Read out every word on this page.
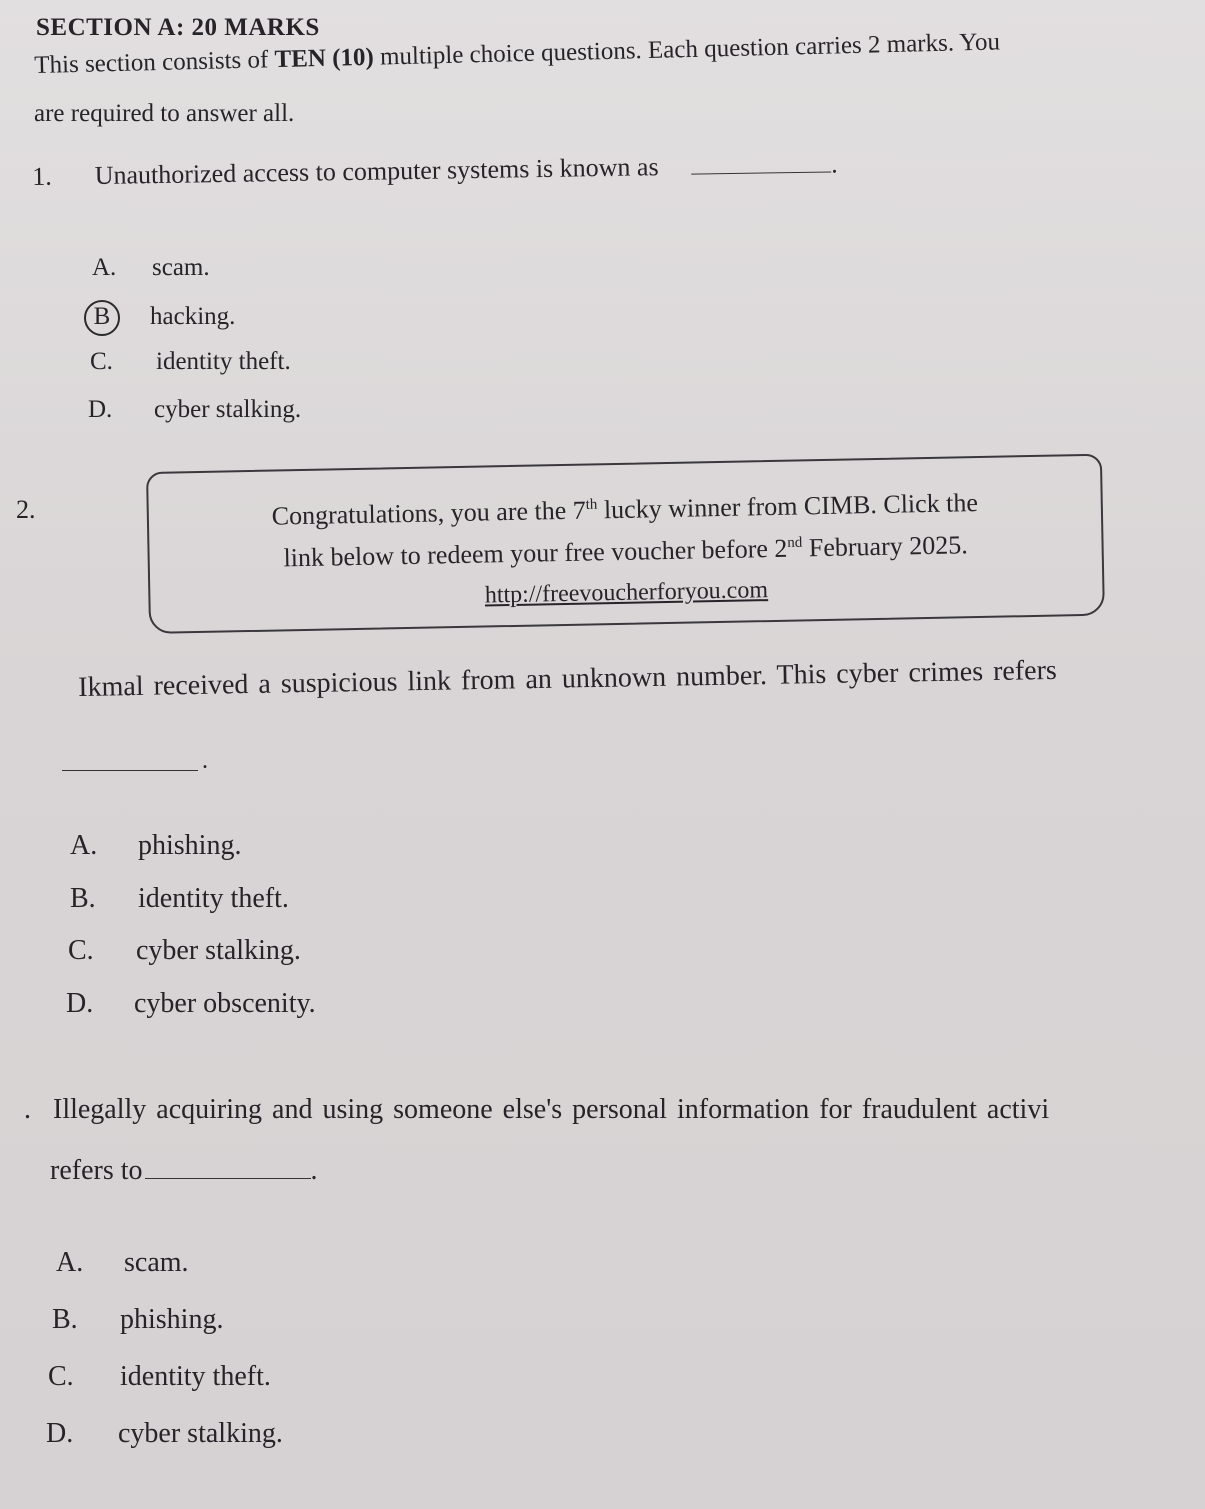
SECTION A: 20 MARKS
This section consists of TEN (10) multiple choice questions. Each question carries 2 marks. You
are required to answer all.
1. Unauthorized access to computer systems is known as	.
A. scam.
B hacking.
C. identity theft.
D. cyber stalking.
2.	Congratulations, you are the 7th lucky winner from CIMB. Click the
link below to redeem your free voucher before 2nd February 2025.
http://freevoucherforyou.com
Ikmal received a suspicious link from an unknown number. This cyber crimes refers
.
A. phishing.
B. identity theft.
C. cyber stalking.
D. cyber obscenity.
. Illegally acquiring and using someone else's personal information for fraudulent activi
refers to	.
A. scam.
B. phishing.
C. identity theft.
D. cyber stalking.
